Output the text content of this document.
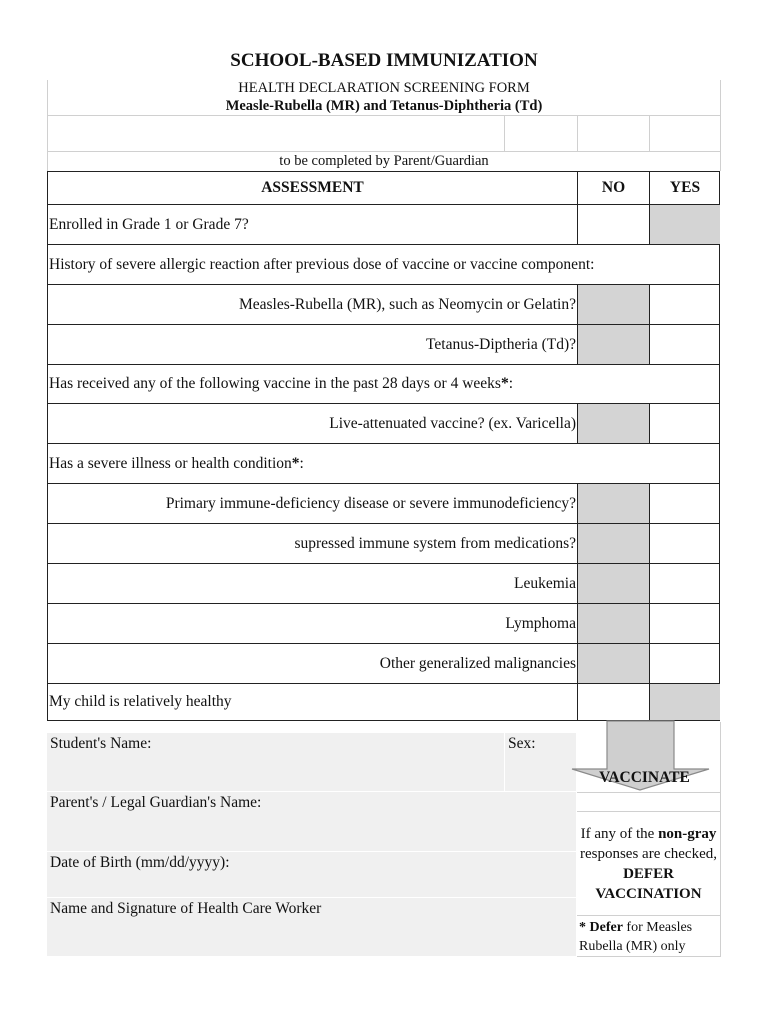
SCHOOL-BASED IMMUNIZATION
HEALTH DECLARATION SCREENING FORM
Measle-Rubella (MR) and Tetanus-Diphtheria (Td)
to be completed by Parent/Guardian
ASSESSMENT	NO	YES
Enrolled in Grade 1 or Grade 7?
History of severe allergic reaction after previous dose of vaccine or vaccine component:
Measles-Rubella (MR), such as Neomycin or Gelatin?
Tetanus-Diptheria (Td)?
Has received any of the following vaccine in the past 28 days or 4 weeks * :
Live-attenuated vaccine? (ex. Varicella)
Has a severe illness or health condition * :
Primary immune-deficiency disease or severe immunodeficiency?
supressed immune system from medications?
Leukemia
Lymphoma
Other generalized malignancies
My child is relatively healthy
Student's Name:	Sex:
Parent's / Legal Guardian's Name:
Date of Birth (mm/dd/yyyy):
Name and Signature of Health Care Worker
VACCINATE
If any of the non-gray responses are checked, DEFER VACCINATION
* Defer for Measles Rubella (MR) only
